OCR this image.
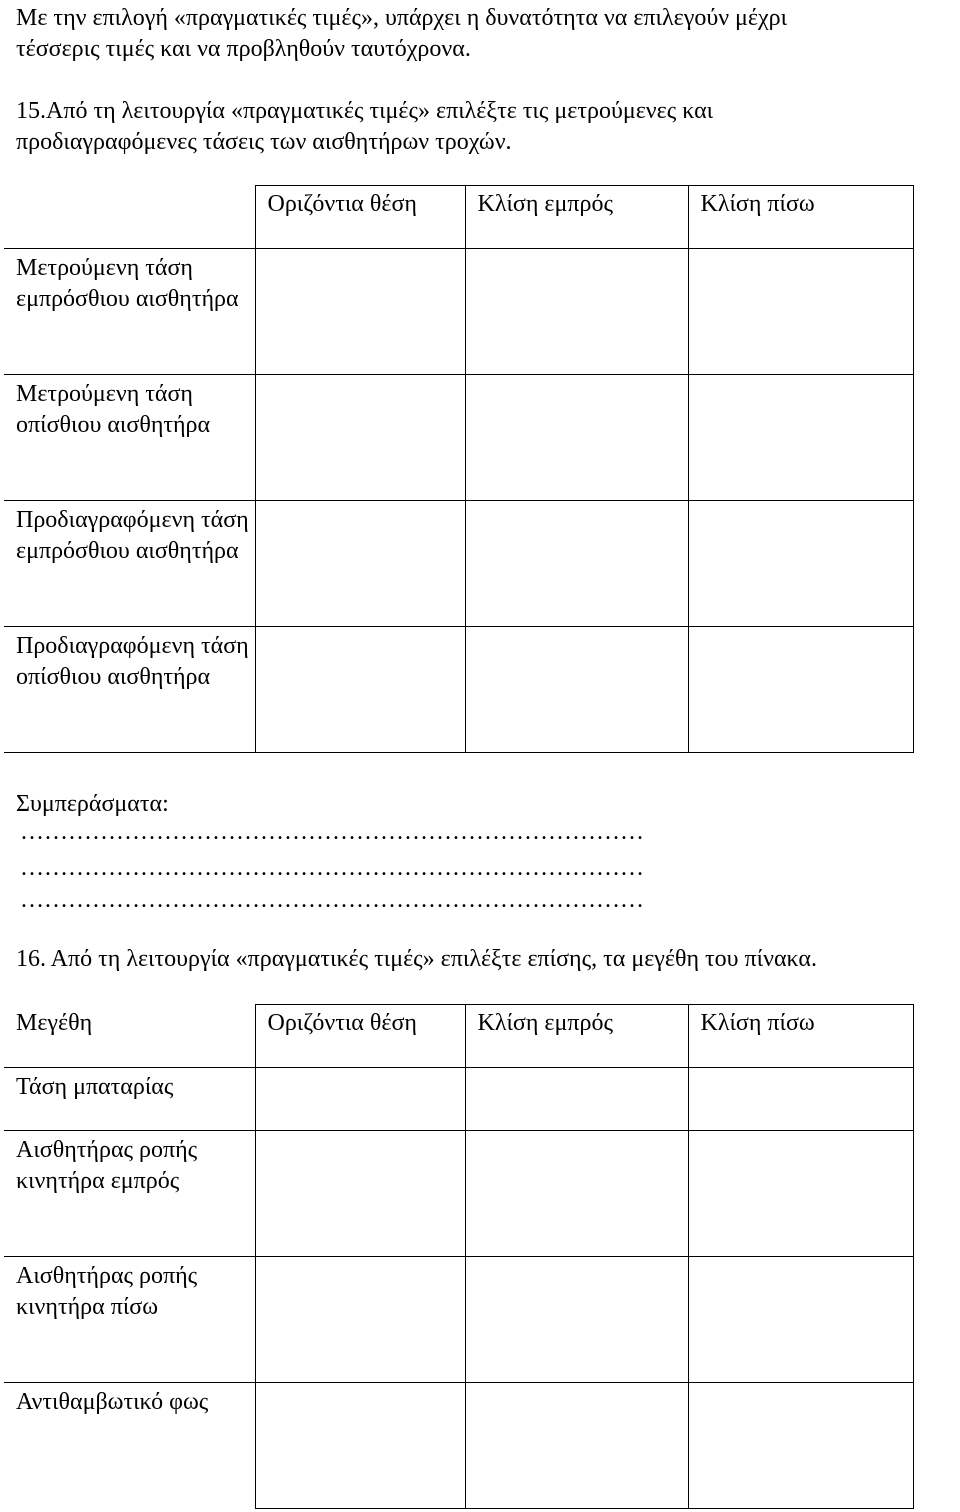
Με την επιλογή «πραγματικές τιμές», υπάρχει η δυνατότητα να επιλεγούν μέχρι

τέσσερις τιμές και να προβληθούν ταυτόχρονα.

15.Από τη λειτουργία «πραγματικές τιμές» επιλέξτε τις μετρούμενες και

προδιαγραφόμενες τάσεις των αισθητήρων τροχών.

	Οριζόντια θέση	Κλίση εμπρός	Κλίση πίσω
Μετρούμενη τάση εμπρόσθιου αισθητήρα			
Μετρούμενη τάση οπίσθιου αισθητήρα			
Προδιαγραφόμενη τάση εμπρόσθιου αισθητήρα			
Προδιαγραφόμενη τάση οπίσθιου αισθητήρα			

Συμπεράσματα:

……………………………………………………………………
……………………………………………………………………
……………………………………………………………………

16. Από τη λειτουργία «πραγματικές τιμές» επιλέξτε επίσης, τα μεγέθη του πίνακα.

Μεγέθη	Οριζόντια θέση	Κλίση εμπρός	Κλίση πίσω
Τάση μπαταρίας			
Αισθητήρας ροπής κινητήρα εμπρός			
Αισθητήρας ροπής κινητήρα πίσω			
Αντιθαμβωτικό φως			
